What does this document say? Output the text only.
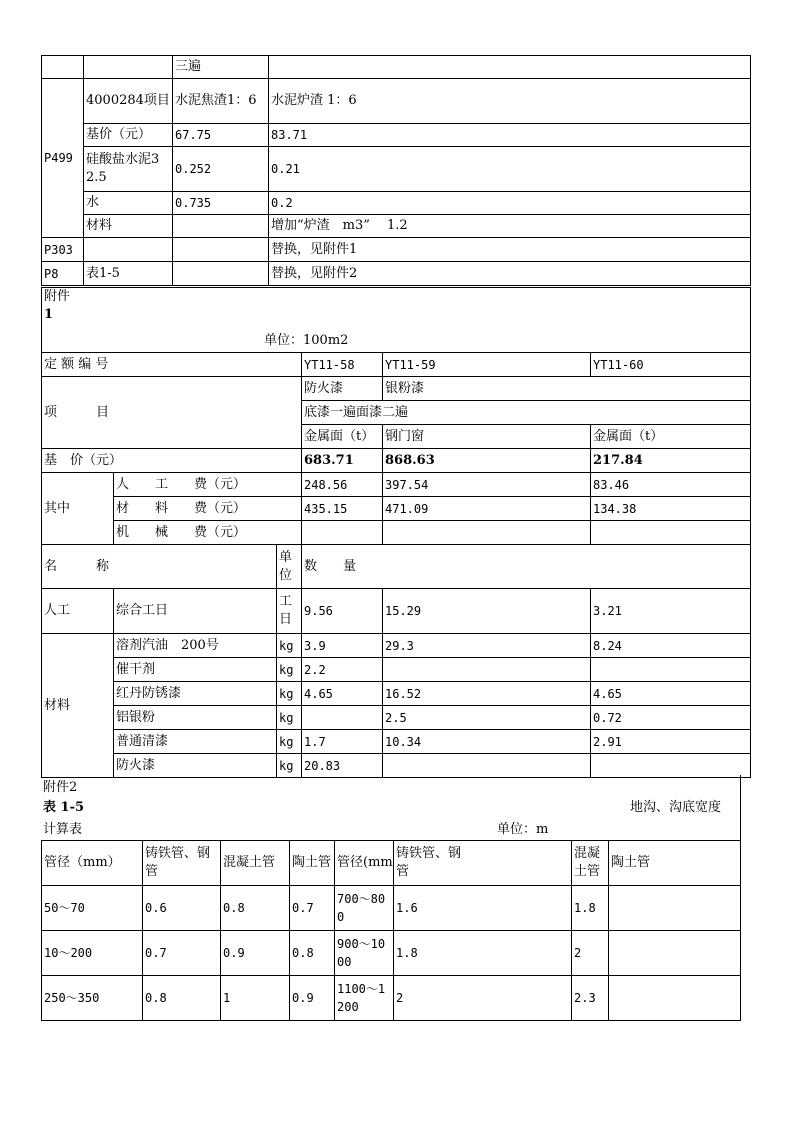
		三遍	
P499	4000284项目	水泥焦渣1：6	水泥炉渣 1：6
	基价（元）	67.75	83.71
	硅酸盐水泥32.5	0.252	0.21
	水	0.735	0.2
	材料		增加“炉渣　m3”　 1.2
P303			替换，见附件1
P8	表1-5		替换，见附件2
附件
1
单位：100m2					

定 额 编 号			YT11-58	YT11-59	YT11-60
项　　　目			防火漆	银粉漆	
			底漆一遍面漆二遍		
			金属面（t）	钢门窗	金属面（t）
基　价（元）			683.71	868.63	217.84
其中	人　　工　　费（元）		248.56	397.54	83.46
	材　　料　　费（元）		435.15	471.09	134.38
	机　　械　　费（元）				
名　　　称		单位	数　　量		
人工	综合工日	工日	9.56	15.29	3.21
材料	溶剂汽油　200号	kg	3.9	29.3	8.24
	催干剂	kg	2.2		
	红丹防锈漆	kg	4.65	16.52	4.65
	铝银粉	kg		2.5	0.72
	普通清漆	kg	1.7	10.34	2.91
	防火漆	kg	20.83		
附件2
表 1-5	地沟、沟底宽度
计算表	单位：m
管径（mm）	铸铁管、钢管	混凝土管	陶土管	管径(mm	铸铁管、钢管	混凝土管	陶土管
50～70	0.6	0.8	0.7	700～800	1.6	1.8	
10～200	0.7	0.9	0.8	900～1000	1.8	2	
250～350	0.8	1	0.9	1100～1200	2	2.3	
